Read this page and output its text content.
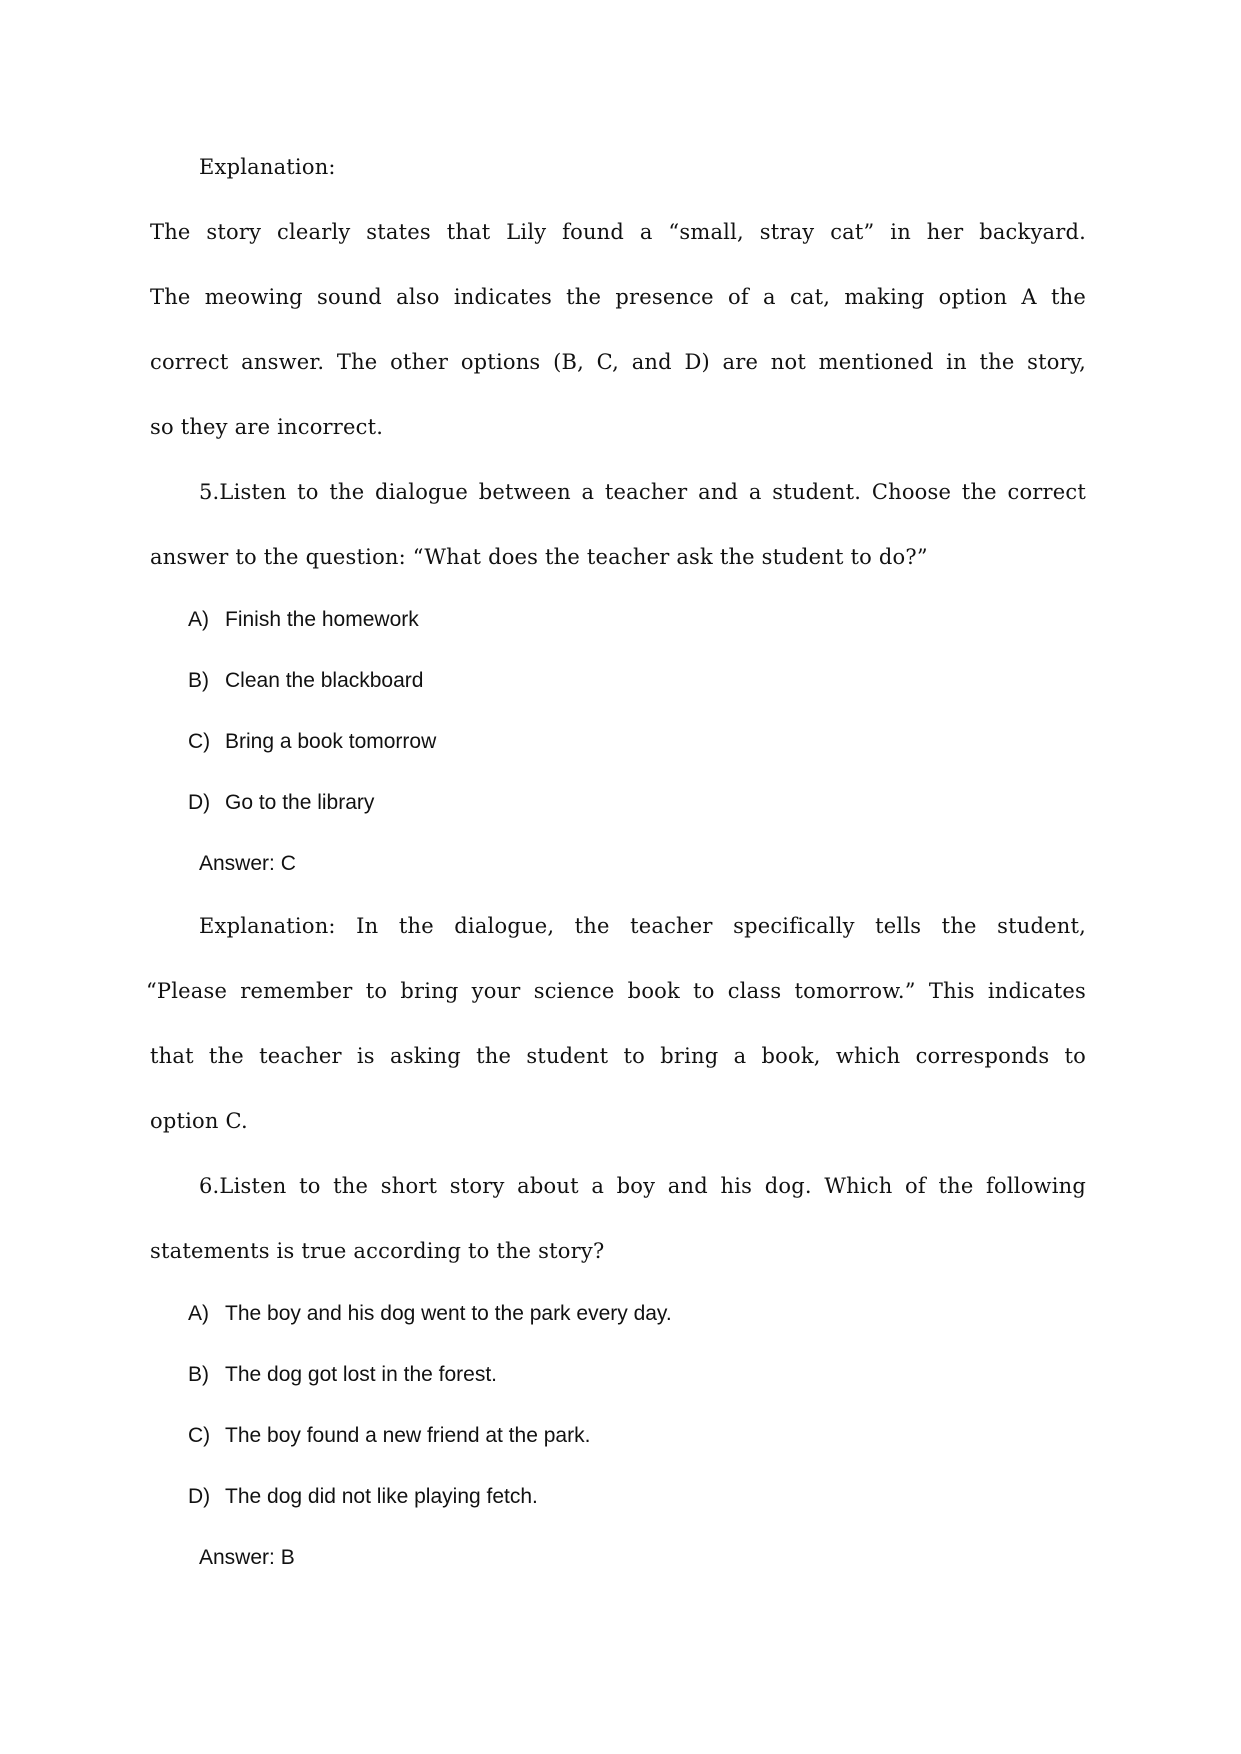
Explanation:
The story clearly states that Lily found a “small, stray cat” in her backyard.
The meowing sound also indicates the presence of a cat, making option A the
correct answer. The other options (B, C, and D) are not mentioned in the story,
so they are incorrect.
5.Listen to the dialogue between a teacher and a student. Choose the correct
answer to the question: “What does the teacher ask the student to do?”
A) Finish the homework
B) Clean the blackboard
C) Bring a book tomorrow
D) Go to the library
Answer: C
Explanation: In the dialogue, the teacher specifically tells the student,
“Please remember to bring your science book to class tomorrow.” This indicates
that the teacher is asking the student to bring a book, which corresponds to
option C.
6.Listen to the short story about a boy and his dog. Which of the following
statements is true according to the story?
A) The boy and his dog went to the park every day.
B) The dog got lost in the forest.
C) The boy found a new friend at the park.
D) The dog did not like playing fetch.
Answer: B
